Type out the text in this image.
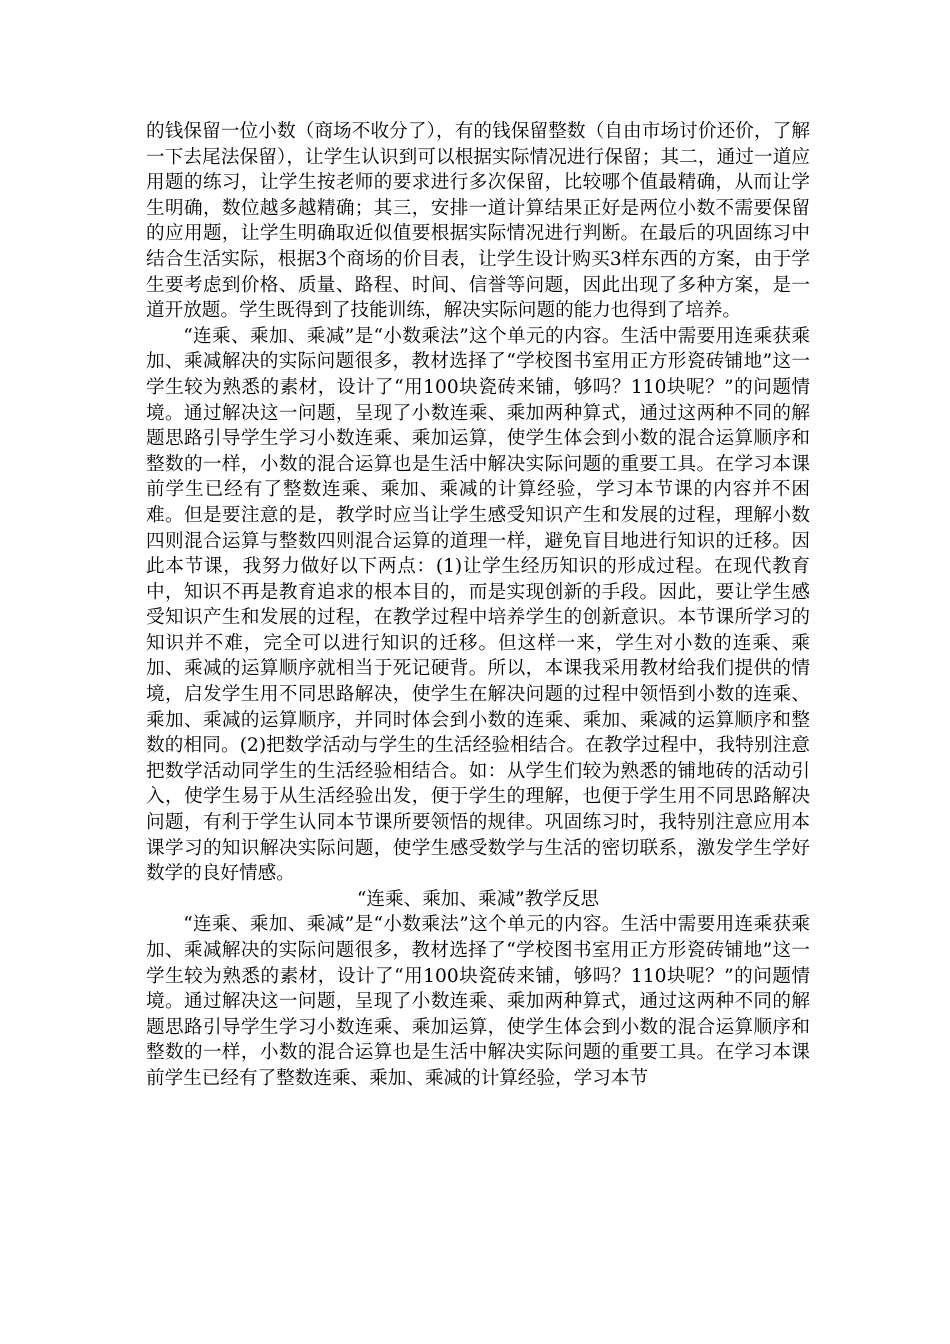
的钱保留一位小数（商场不收分了），有的钱保留整数（自由市场讨价还价，了解一下去尾法保留），让学生认识到可以根据实际情况进行保留；其二，通过一道应用题的练习，让学生按老师的要求进行多次保留，比较哪个值最精确，从而让学生明确，数位越多越精确；其三，安排一道计算结果正好是两位小数不需要保留的应用题，让学生明确取近似值要根据实际情况进行判断。在最后的巩固练习中结合生活实际，根据3个商场的价目表，让学生设计购买3样东西的方案，由于学生要考虑到价格、质量、路程、时间、信誉等问题，因此出现了多种方案，是一道开放题。学生既得到了技能训练，解决实际问题的能力也得到了培养。

“连乘、乘加、乘减”是“小数乘法”这个单元的内容。生活中需要用连乘获乘加、乘减解决的实际问题很多，教材选择了“学校图书室用正方形瓷砖铺地”这一学生较为熟悉的素材，设计了“用100块瓷砖来铺，够吗？110块呢？”的问题情境。通过解决这一问题，呈现了小数连乘、乘加两种算式，通过这两种不同的解题思路引导学生学习小数连乘、乘加运算，使学生体会到小数的混合运算顺序和整数的一样，小数的混合运算也是生活中解决实际问题的重要工具。在学习本课前学生已经有了整数连乘、乘加、乘减的计算经验，学习本节课的内容并不困难。但是要注意的是，教学时应当让学生感受知识产生和发展的过程，理解小数四则混合运算与整数四则混合运算的道理一样，避免盲目地进行知识的迁移。因此本节课，我努力做好以下两点：(1)让学生经历知识的形成过程。在现代教育中，知识不再是教育追求的根本目的，而是实现创新的手段。因此，要让学生感受知识产生和发展的过程，在教学过程中培养学生的创新意识。本节课所学习的知识并不难，完全可以进行知识的迁移。但这样一来，学生对小数的连乘、乘加、乘减的运算顺序就相当于死记硬背。所以，本课我采用教材给我们提供的情境，启发学生用不同思路解决，使学生在解决问题的过程中领悟到小数的连乘、乘加、乘减的运算顺序，并同时体会到小数的连乘、乘加、乘减的运算顺序和整数的相同。(2)把数学活动与学生的生活经验相结合。在教学过程中，我特别注意把数学活动同学生的生活经验相结合。如：从学生们较为熟悉的铺地砖的活动引入，使学生易于从生活经验出发，便于学生的理解，也便于学生用不同思路解决问题，有利于学生认同本节课所要领悟的规律。巩固练习时，我特别注意应用本课学习的知识解决实际问题，使学生感受数学与生活的密切联系，激发学生学好数学的良好情感。

“连乘、乘加、乘减”教学反思

“连乘、乘加、乘减”是“小数乘法”这个单元的内容。生活中需要用连乘获乘加、乘减解决的实际问题很多，教材选择了“学校图书室用正方形瓷砖铺地”这一学生较为熟悉的素材，设计了“用100块瓷砖来铺，够吗？110块呢？”的问题情境。通过解决这一问题，呈现了小数连乘、乘加两种算式，通过这两种不同的解题思路引导学生学习小数连乘、乘加运算，使学生体会到小数的混合运算顺序和整数的一样，小数的混合运算也是生活中解决实际问题的重要工具。在学习本课前学生已经有了整数连乘、乘加、乘减的计算经验，学习本节
